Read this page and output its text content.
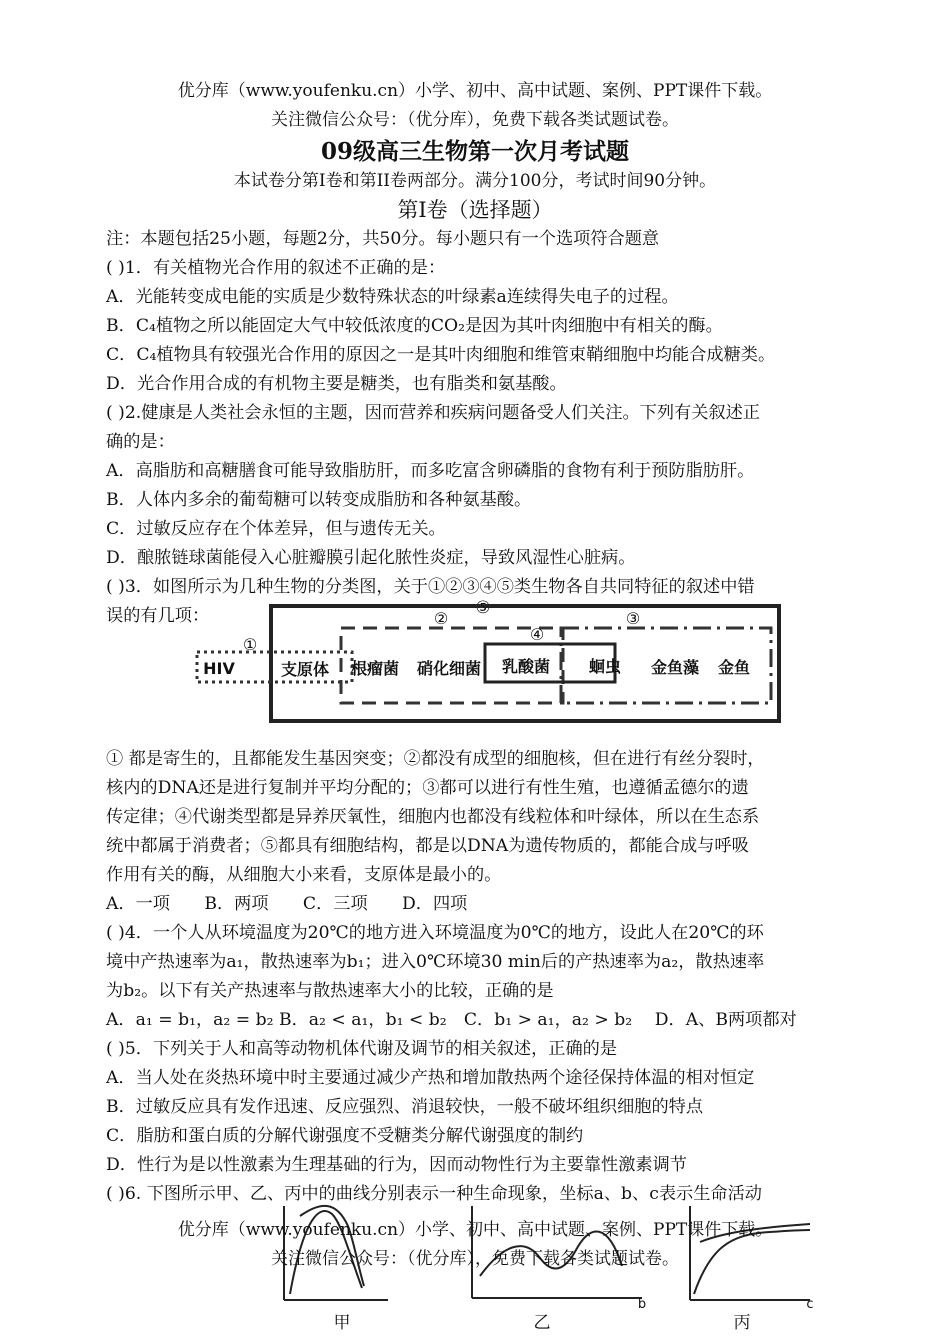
优分库（www.youfenku.cn）小学、初中、高中试题、案例、PPT课件下载。
关注微信公众号：（优分库），免费下载各类试题试卷。
09级高三生物第一次月考试题
本试卷分第I卷和第II卷两部分。满分100分，考试时间90分钟。
第I卷（选择题）
注：本题包括25小题，每题2分，共50分。每小题只有一个选项符合题意
( )1．有关植物光合作用的叙述不正确的是：
A．光能转变成电能的实质是少数特殊状态的叶绿素a连续得失电子的过程。
B．C₄植物之所以能固定大气中较低浓度的CO₂是因为其叶肉细胞中有相关的酶。
C．C₄植物具有较强光合作用的原因之一是其叶肉细胞和维管束鞘细胞中均能合成糖类。
D．光合作用合成的有机物主要是糖类，也有脂类和氨基酸。
( )2.健康是人类社会永恒的主题，因而营养和疾病问题备受人们关注。下列有关叙述正
确的是：
A．高脂肪和高糖膳食可能导致脂肪肝，而多吃富含卵磷脂的食物有利于预防脂肪肝。
B．人体内多余的葡萄糖可以转变成脂肪和各种氨基酸。
C．过敏反应存在个体差异，但与遗传无关。
D．酿脓链球菌能侵入心脏瓣膜引起化脓性炎症，导致风湿性心脏病。
( )3．如图所示为几种生物的分类图，关于①②③④⑤类生物各自共同特征的叙述中错
误的有几项：	⑤
②	③
④
①
HIV	支原体 根瘤菌 硝化细菌 乳酸菌 蛔虫 金鱼藻 金鱼
① 都是寄生的，且都能发生基因突变；②都没有成型的细胞核，但在进行有丝分裂时，
核内的DNA还是进行复制并平均分配的；③都可以进行有性生殖，也遵循孟德尔的遗
传定律；④代谢类型都是异养厌氧性，细胞内也都没有线粒体和叶绿体，所以在生态系
统中都属于消费者；⑤都具有细胞结构，都是以DNA为遗传物质的，都能合成与呼吸
作用有关的酶，从细胞大小来看，支原体是最小的。
A．一项　　B．两项　　C．三项　　D．四项
( )4．一个人从环境温度为20℃的地方进入环境温度为0℃的地方，设此人在20℃的环
境中产热速率为a₁，散热速率为b₁；进入0℃环境30 min后的产热速率为a₂，散热速率
为b₂。以下有关产热速率与散热速率大小的比较，正确的是
A．a₁ = b₁，a₂ = b₂ B．a₂ < a₁，b₁ < b₂　C．b₁ > a₁，a₂ > b₂　 D．A、B两项都对
( )5．下列关于人和高等动物机体代谢及调节的相关叙述，正确的是
A．当人处在炎热环境中时主要通过减少产热和增加散热两个途径保持体温的相对恒定
B．过敏反应具有发作迅速、反应强烈、消退较快，一般不破坏组织细胞的特点
C．脂肪和蛋白质的分解代谢强度不受糖类分解代谢强度的制约
D．性行为是以性激素为生理基础的行为，因而动物性行为主要靠性激素调节
( )6. 下图所示甲、乙、丙中的曲线分别表示一种生命现象，坐标a、b、c表示生命活动
甲	乙
b
丙
c
优分库（www.youfenku.cn）小学、初中、高中试题、案例、PPT课件下载。
关注微信公众号：（优分库），免费下载各类试题试卷。
